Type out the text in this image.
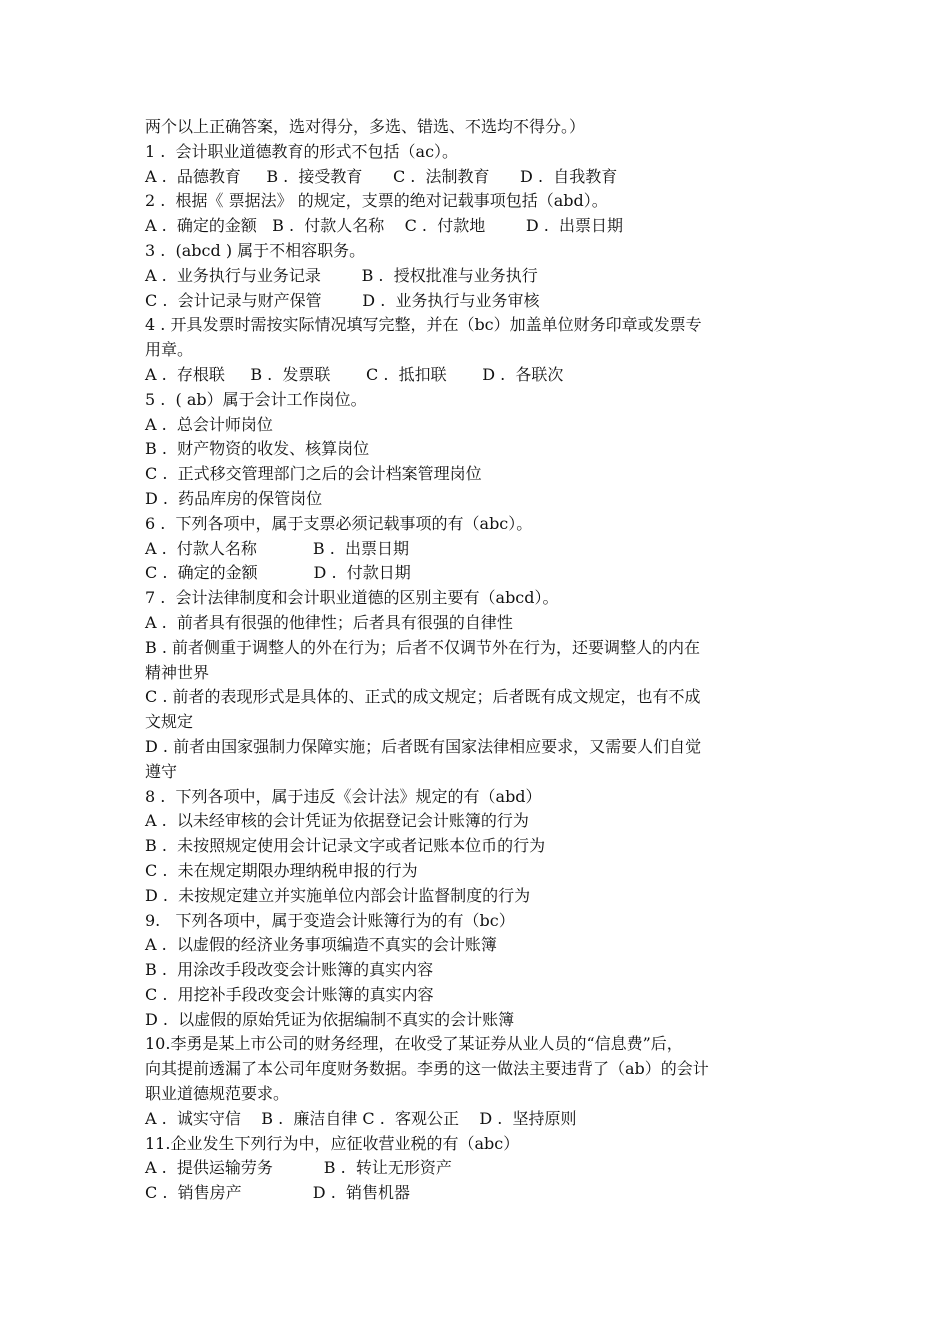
两个以上正确答案，选对得分，多选、错选、不选均不得分。）
1 .  会计职业道德教育的形式不包括（ac）。
A .  品德教育     B .  接受教育      C .  法制教育      D .  自我教育
2 .  根据《 票据法》 的规定，支票的绝对记载事项包括（abd）。
A .  确定的金额   B .  付款人名称    C .  付款地        D .  出票日期
3 .  (abcd ) 属于不相容职务。
A .  业务执行与业务记录        B .  授权批准与业务执行
C .  会计记录与财产保管        D .  业务执行与业务审核
4 . 开具发票时需按实际情况填写完整，并在（bc）加盖单位财务印章或发票专
用章。
A .  存根联     B .  发票联       C .  抵扣联       D .  各联次
5 .  ( ab）属于会计工作岗位。
A .  总会计师岗位
B .  财产物资的收发、核算岗位
C .  正式移交管理部门之后的会计档案管理岗位
D .  药品库房的保管岗位
6 .  下列各项中，属于支票必须记载事项的有（abc）。
A .  付款人名称           B .  出票日期
C .  确定的金额           D .  付款日期
7 .  会计法律制度和会计职业道德的区别主要有（abcd）。
A .  前者具有很强的他律性；后者具有很强的自律性
B . 前者侧重于调整人的外在行为；后者不仅调节外在行为，还要调整人的内在
精神世界
C . 前者的表现形式是具体的、正式的成文规定；后者既有成文规定，也有不成
文规定
D . 前者由国家强制力保障实施；后者既有国家法律相应要求，又需要人们自觉
遵守
8 .  下列各项中，属于违反《会计法》规定的有（abd）
A .  以未经审核的会计凭证为依据登记会计账簿的行为
B .  未按照规定使用会计记录文字或者记账本位币的行为
C .  未在规定期限办理纳税申报的行为
D .  未按规定建立并实施单位内部会计监督制度的行为
9.   下列各项中，属于变造会计账簿行为的有（bc）
A .  以虚假的经济业务事项编造不真实的会计账簿
B .  用涂改手段改变会计账簿的真实内容
C .  用挖补手段改变会计账簿的真实内容
D .  以虚假的原始凭证为依据编制不真实的会计账簿
10.李勇是某上市公司的财务经理，在收受了某证券从业人员的“信息费”后，
向其提前透漏了本公司年度财务数据。李勇的这一做法主要违背了（ab）的会计
职业道德规范要求。
A .  诚实守信    B .  廉洁自律 C .  客观公正    D .  坚持原则
11.企业发生下列行为中，应征收营业税的有（abc）
A .  提供运输劳务          B .  转让无形资产
C .  销售房产              D .  销售机器
